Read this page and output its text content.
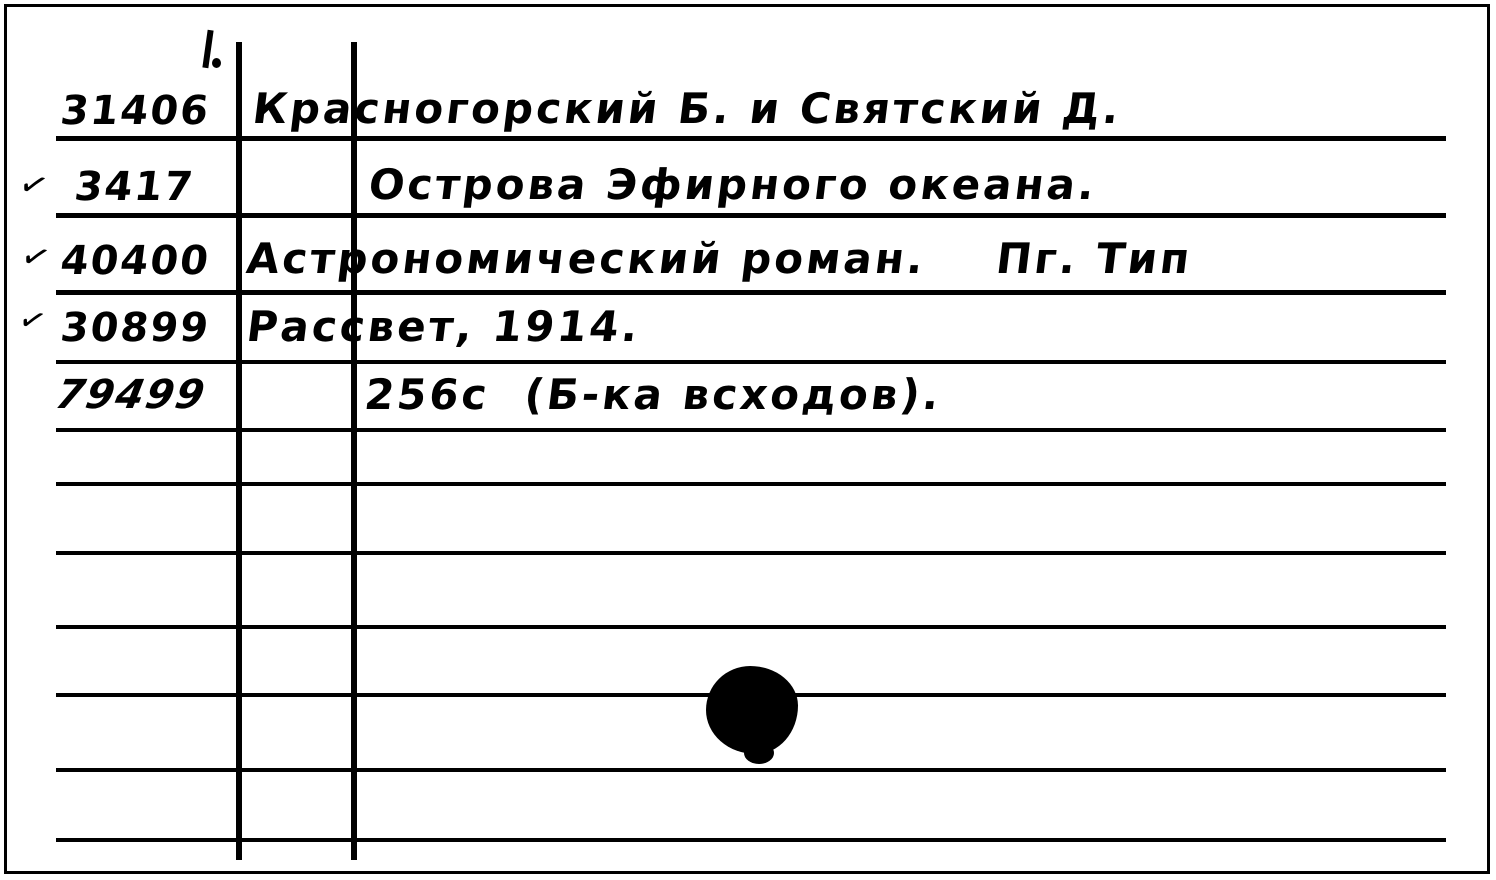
✓
✓
✓
31406
3417
40400
30899
79499
Красногорский Б. и Святский Д.
Острова Эфирного океана.
Астрономический роман.    Пг. Тип
Рассвет, 1914.
256с  (Б-ка всходов).
